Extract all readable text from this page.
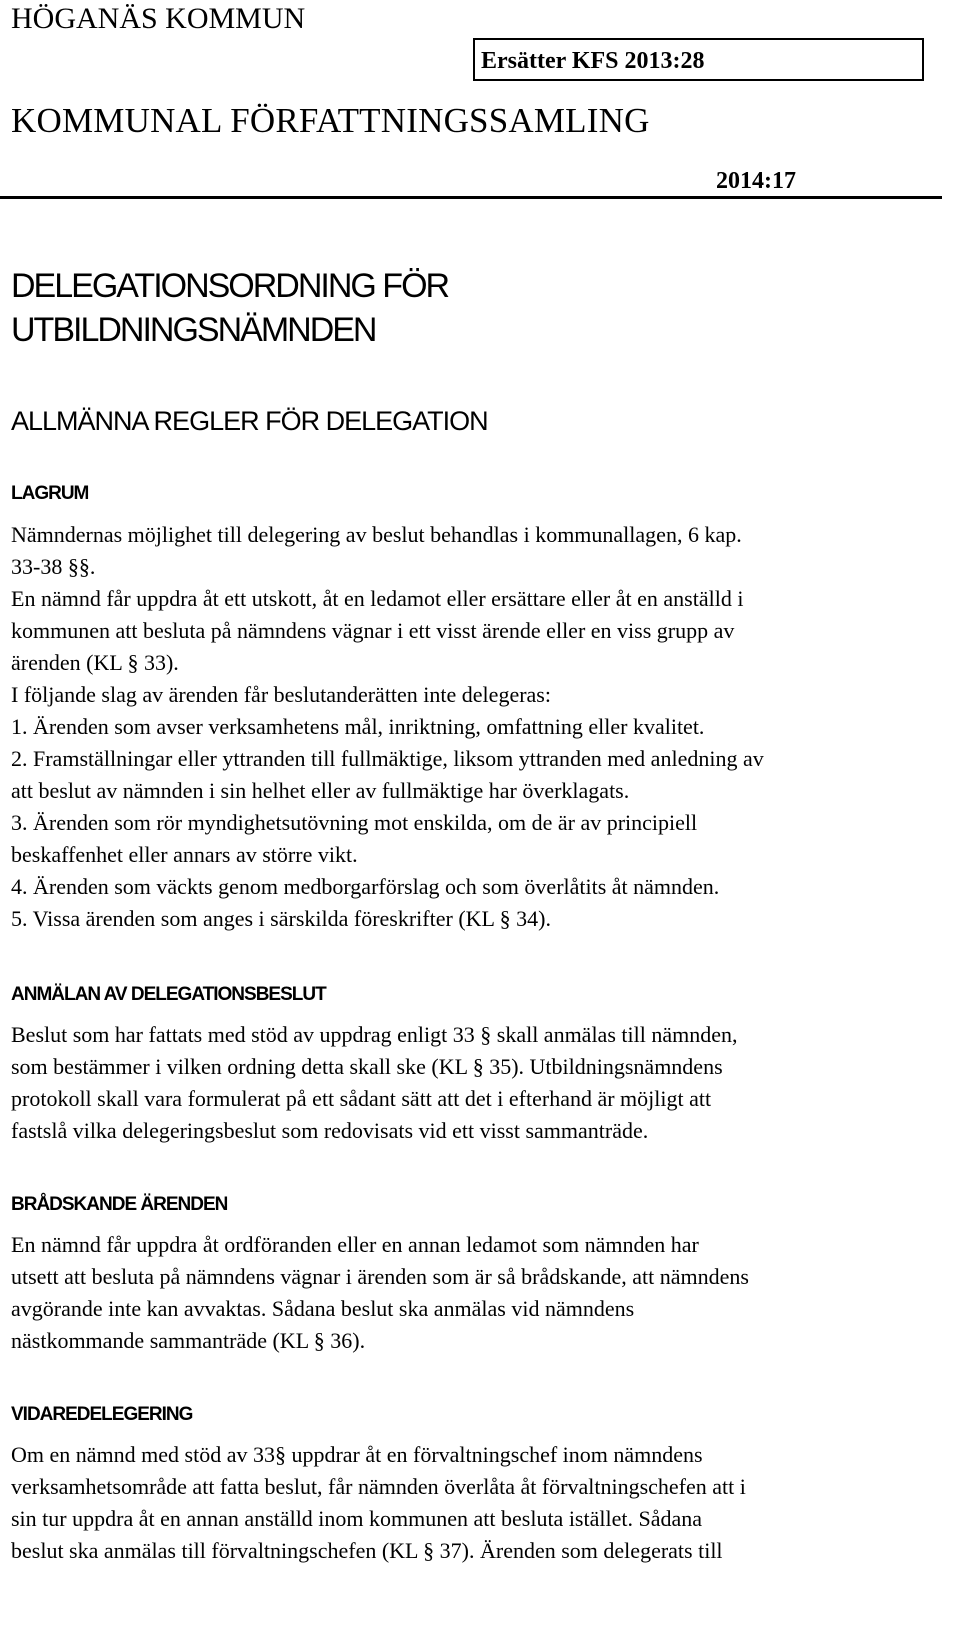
HÖGANÄS KOMMUN
Ersätter KFS 2013:28
KOMMUNAL FÖRFATTNINGSSAMLING
2014:17
DELEGATIONSORDNING FÖR
UTBILDNINGSNÄMNDEN
ALLMÄNNA REGLER FÖR DELEGATION
LAGRUM
Nämndernas möjlighet till delegering av beslut behandlas i kommunallagen, 6 kap.
33-38 §§.
En nämnd får uppdra åt ett utskott, åt en ledamot eller ersättare eller åt en anställd i
kommunen att besluta på nämndens vägnar i ett visst ärende eller en viss grupp av
ärenden (KL § 33).
I följande slag av ärenden får beslutanderätten inte delegeras:
1. Ärenden som avser verksamhetens mål, inriktning, omfattning eller kvalitet.
2. Framställningar eller yttranden till fullmäktige, liksom yttranden med anledning av
att beslut av nämnden i sin helhet eller av fullmäktige har överklagats.
3. Ärenden som rör myndighetsutövning mot enskilda, om de är av principiell
beskaffenhet eller annars av större vikt.
4. Ärenden som väckts genom medborgarförslag och som överlåtits åt nämnden.
5. Vissa ärenden som anges i särskilda föreskrifter (KL § 34).
ANMÄLAN AV DELEGATIONSBESLUT
Beslut som har fattats med stöd av uppdrag enligt 33 § skall anmälas till nämnden,
som bestämmer i vilken ordning detta skall ske (KL § 35). Utbildningsnämndens
protokoll skall vara formulerat på ett sådant sätt att det i efterhand är möjligt att
fastslå vilka delegeringsbeslut som redovisats vid ett visst sammanträde.
BRÅDSKANDE ÄRENDEN
En nämnd får uppdra åt ordföranden eller en annan ledamot som nämnden har
utsett att besluta på nämndens vägnar i ärenden som är så brådskande, att nämndens
avgörande inte kan avvaktas. Sådana beslut ska anmälas vid nämndens
nästkommande sammanträde (KL § 36).
VIDAREDELEGERING
Om en nämnd med stöd av 33§ uppdrar åt en förvaltningschef inom nämndens
verksamhetsområde att fatta beslut, får nämnden överlåta åt förvaltningschefen att i
sin tur uppdra åt en annan anställd inom kommunen att besluta istället. Sådana
beslut ska anmälas till förvaltningschefen (KL § 37). Ärenden som delegerats till
